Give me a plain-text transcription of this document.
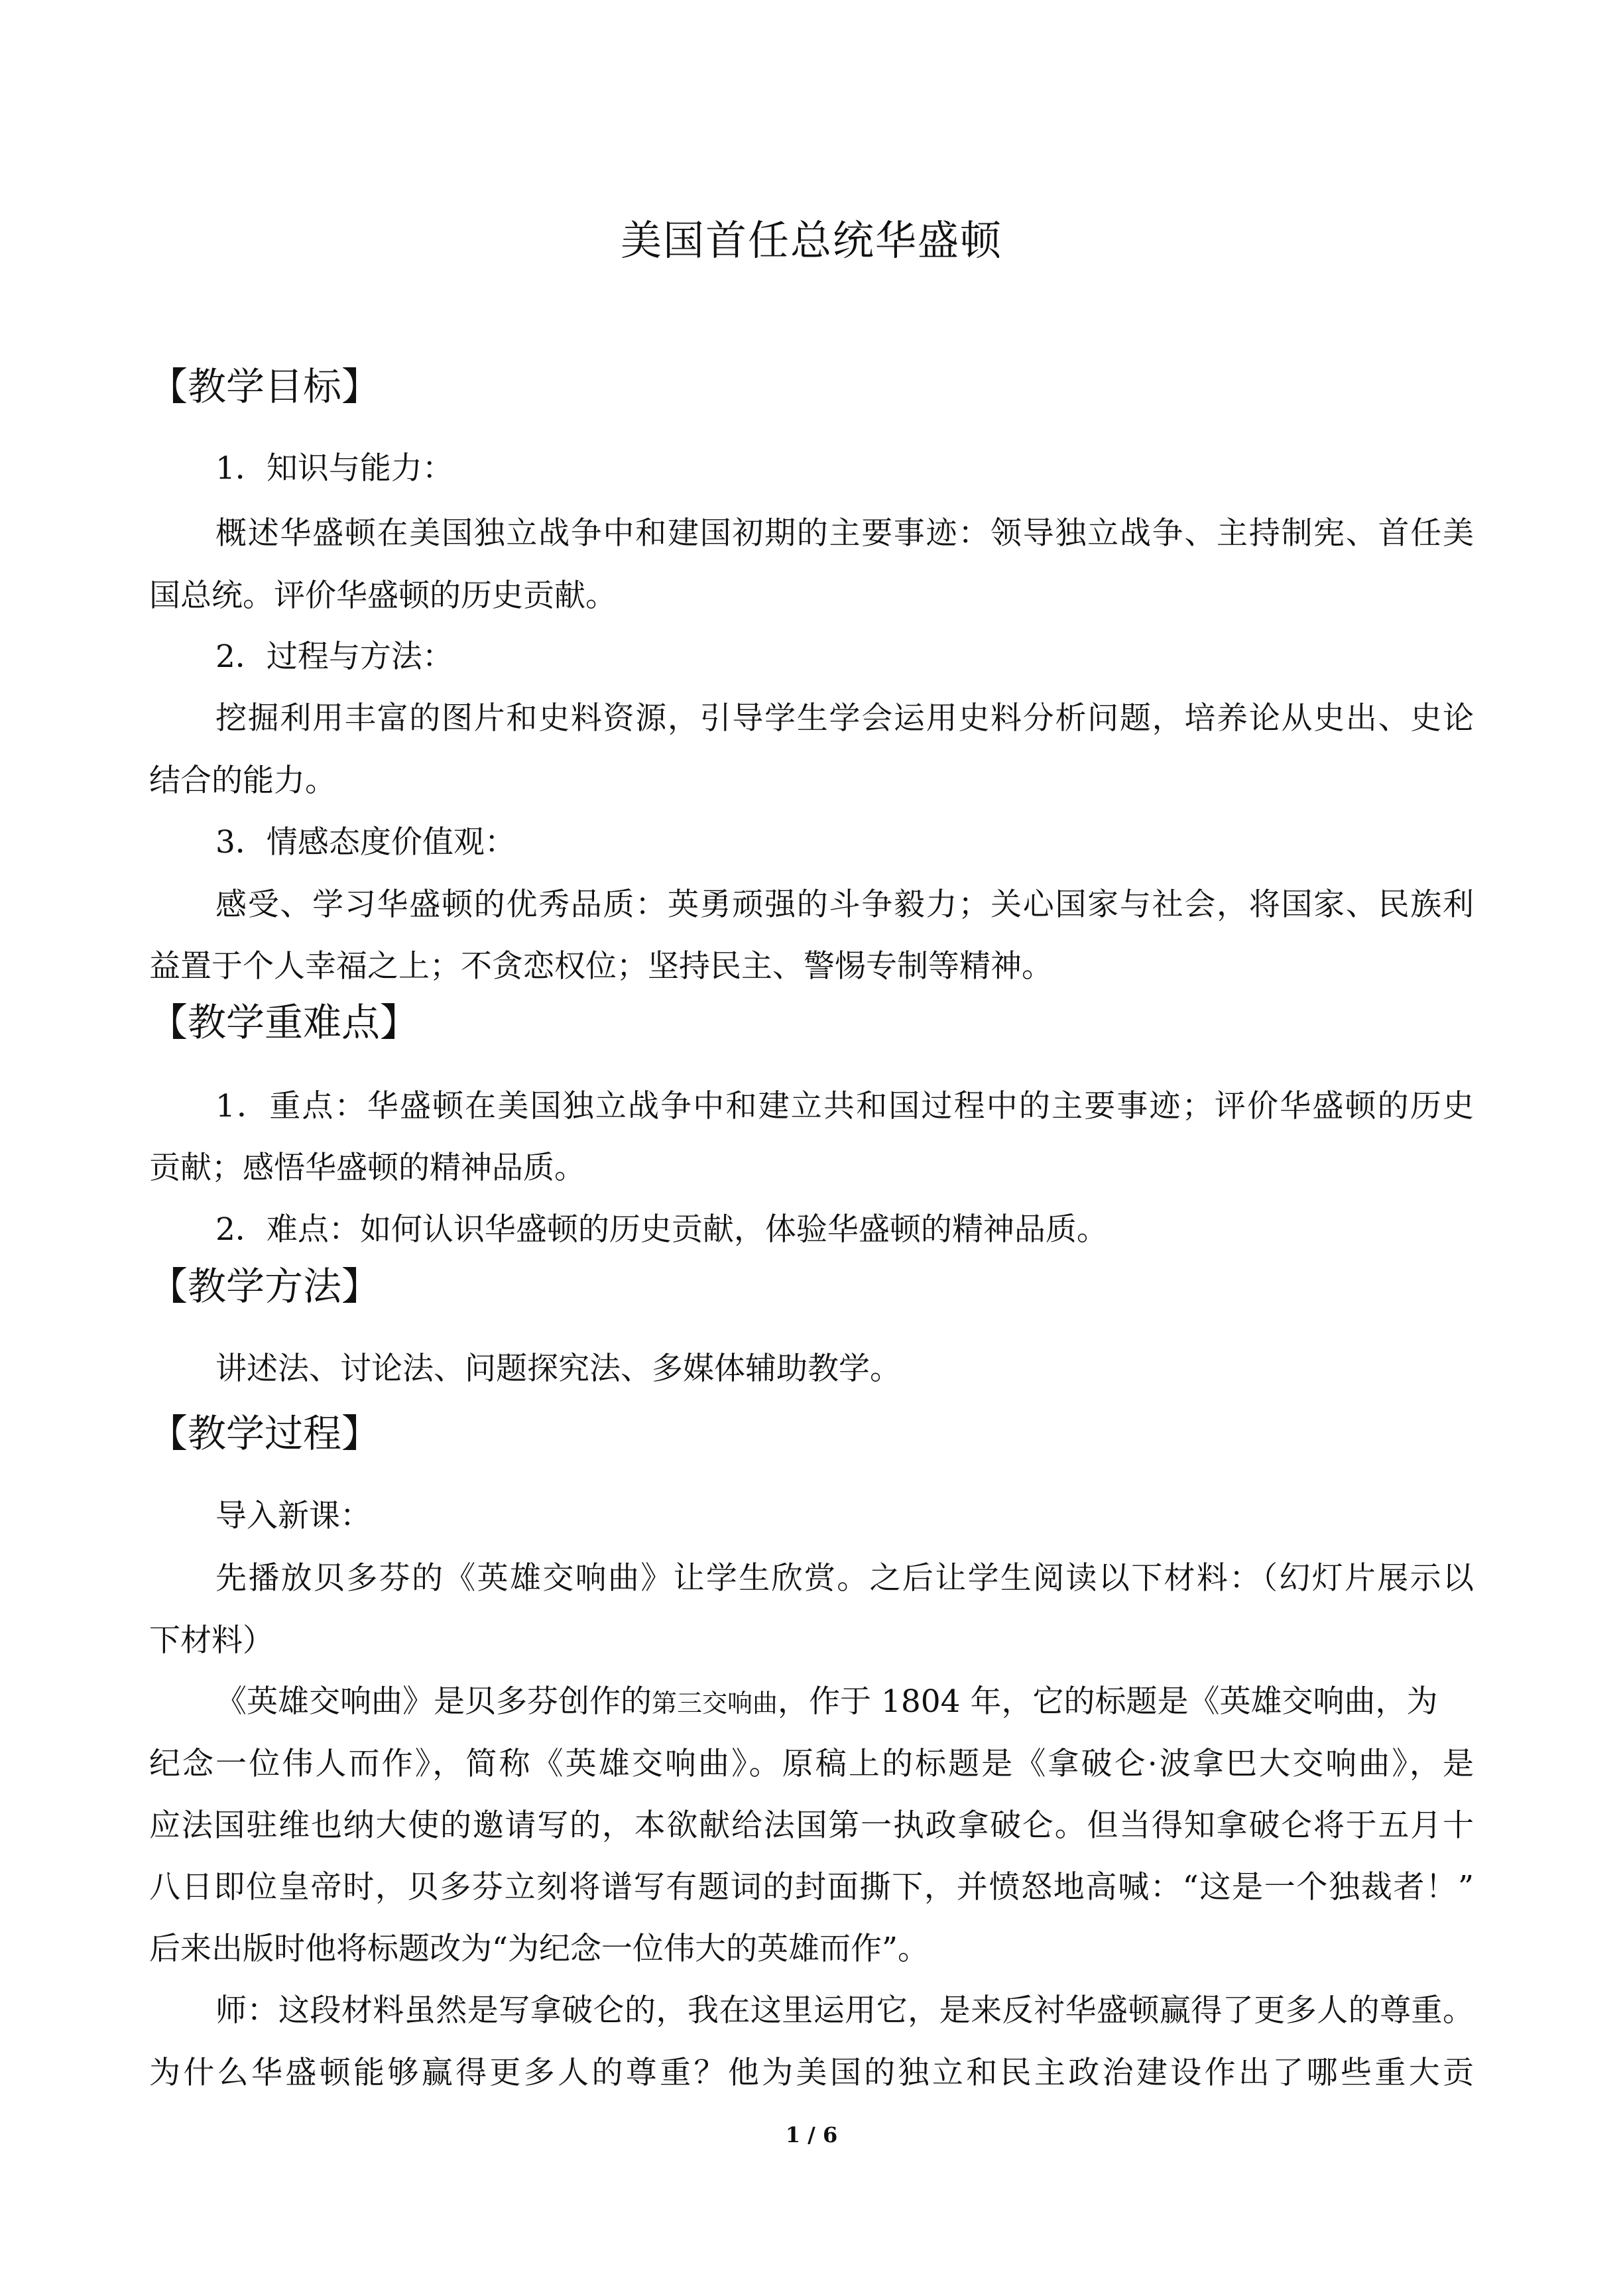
美国首任总统华盛顿
【教学目标】
1．知识与能力：
概述华盛顿在美国独立战争中和建国初期的主要事迹：领导独立战争、主持制宪、首任美
国总统。评价华盛顿的历史贡献。
2．过程与方法：
挖掘利用丰富的图片和史料资源，引导学生学会运用史料分析问题，培养论从史出、史论
结合的能力。
3．情感态度价值观：
感受、学习华盛顿的优秀品质：英勇顽强的斗争毅力；关心国家与社会，将国家、民族利
益置于个人幸福之上；不贪恋权位；坚持民主、警惕专制等精神。
【教学重难点】
1．重点：华盛顿在美国独立战争中和建立共和国过程中的主要事迹；评价华盛顿的历史
贡献；感悟华盛顿的精神品质。
2．难点：如何认识华盛顿的历史贡献，体验华盛顿的精神品质。
【教学方法】
讲述法、讨论法、问题探究法、多媒体辅助教学。
【教学过程】
导入新课：
先播放贝多芬的《英雄交响曲》让学生欣赏。之后让学生阅读以下材料：（幻灯片展示以
下材料）
《英雄交响曲》是贝多芬创作的第三交响曲，作于 1804 年，它的标题是《英雄交响曲，为
纪念一位伟人而作》，简称《英雄交响曲》。原稿上的标题是《拿破仑·波拿巴大交响曲》，是
应法国驻维也纳大使的邀请写的，本欲献给法国第一执政拿破仑。但当得知拿破仑将于五月十
八日即位皇帝时，贝多芬立刻将谱写有题词的封面撕下，并愤怒地高喊：“这是一个独裁者！”
后来出版时他将标题改为“为纪念一位伟大的英雄而作”。
师：这段材料虽然是写拿破仑的，我在这里运用它，是来反衬华盛顿赢得了更多人的尊重。
为什么华盛顿能够赢得更多人的尊重？他为美国的独立和民主政治建设作出了哪些重大贡
1 / 6
